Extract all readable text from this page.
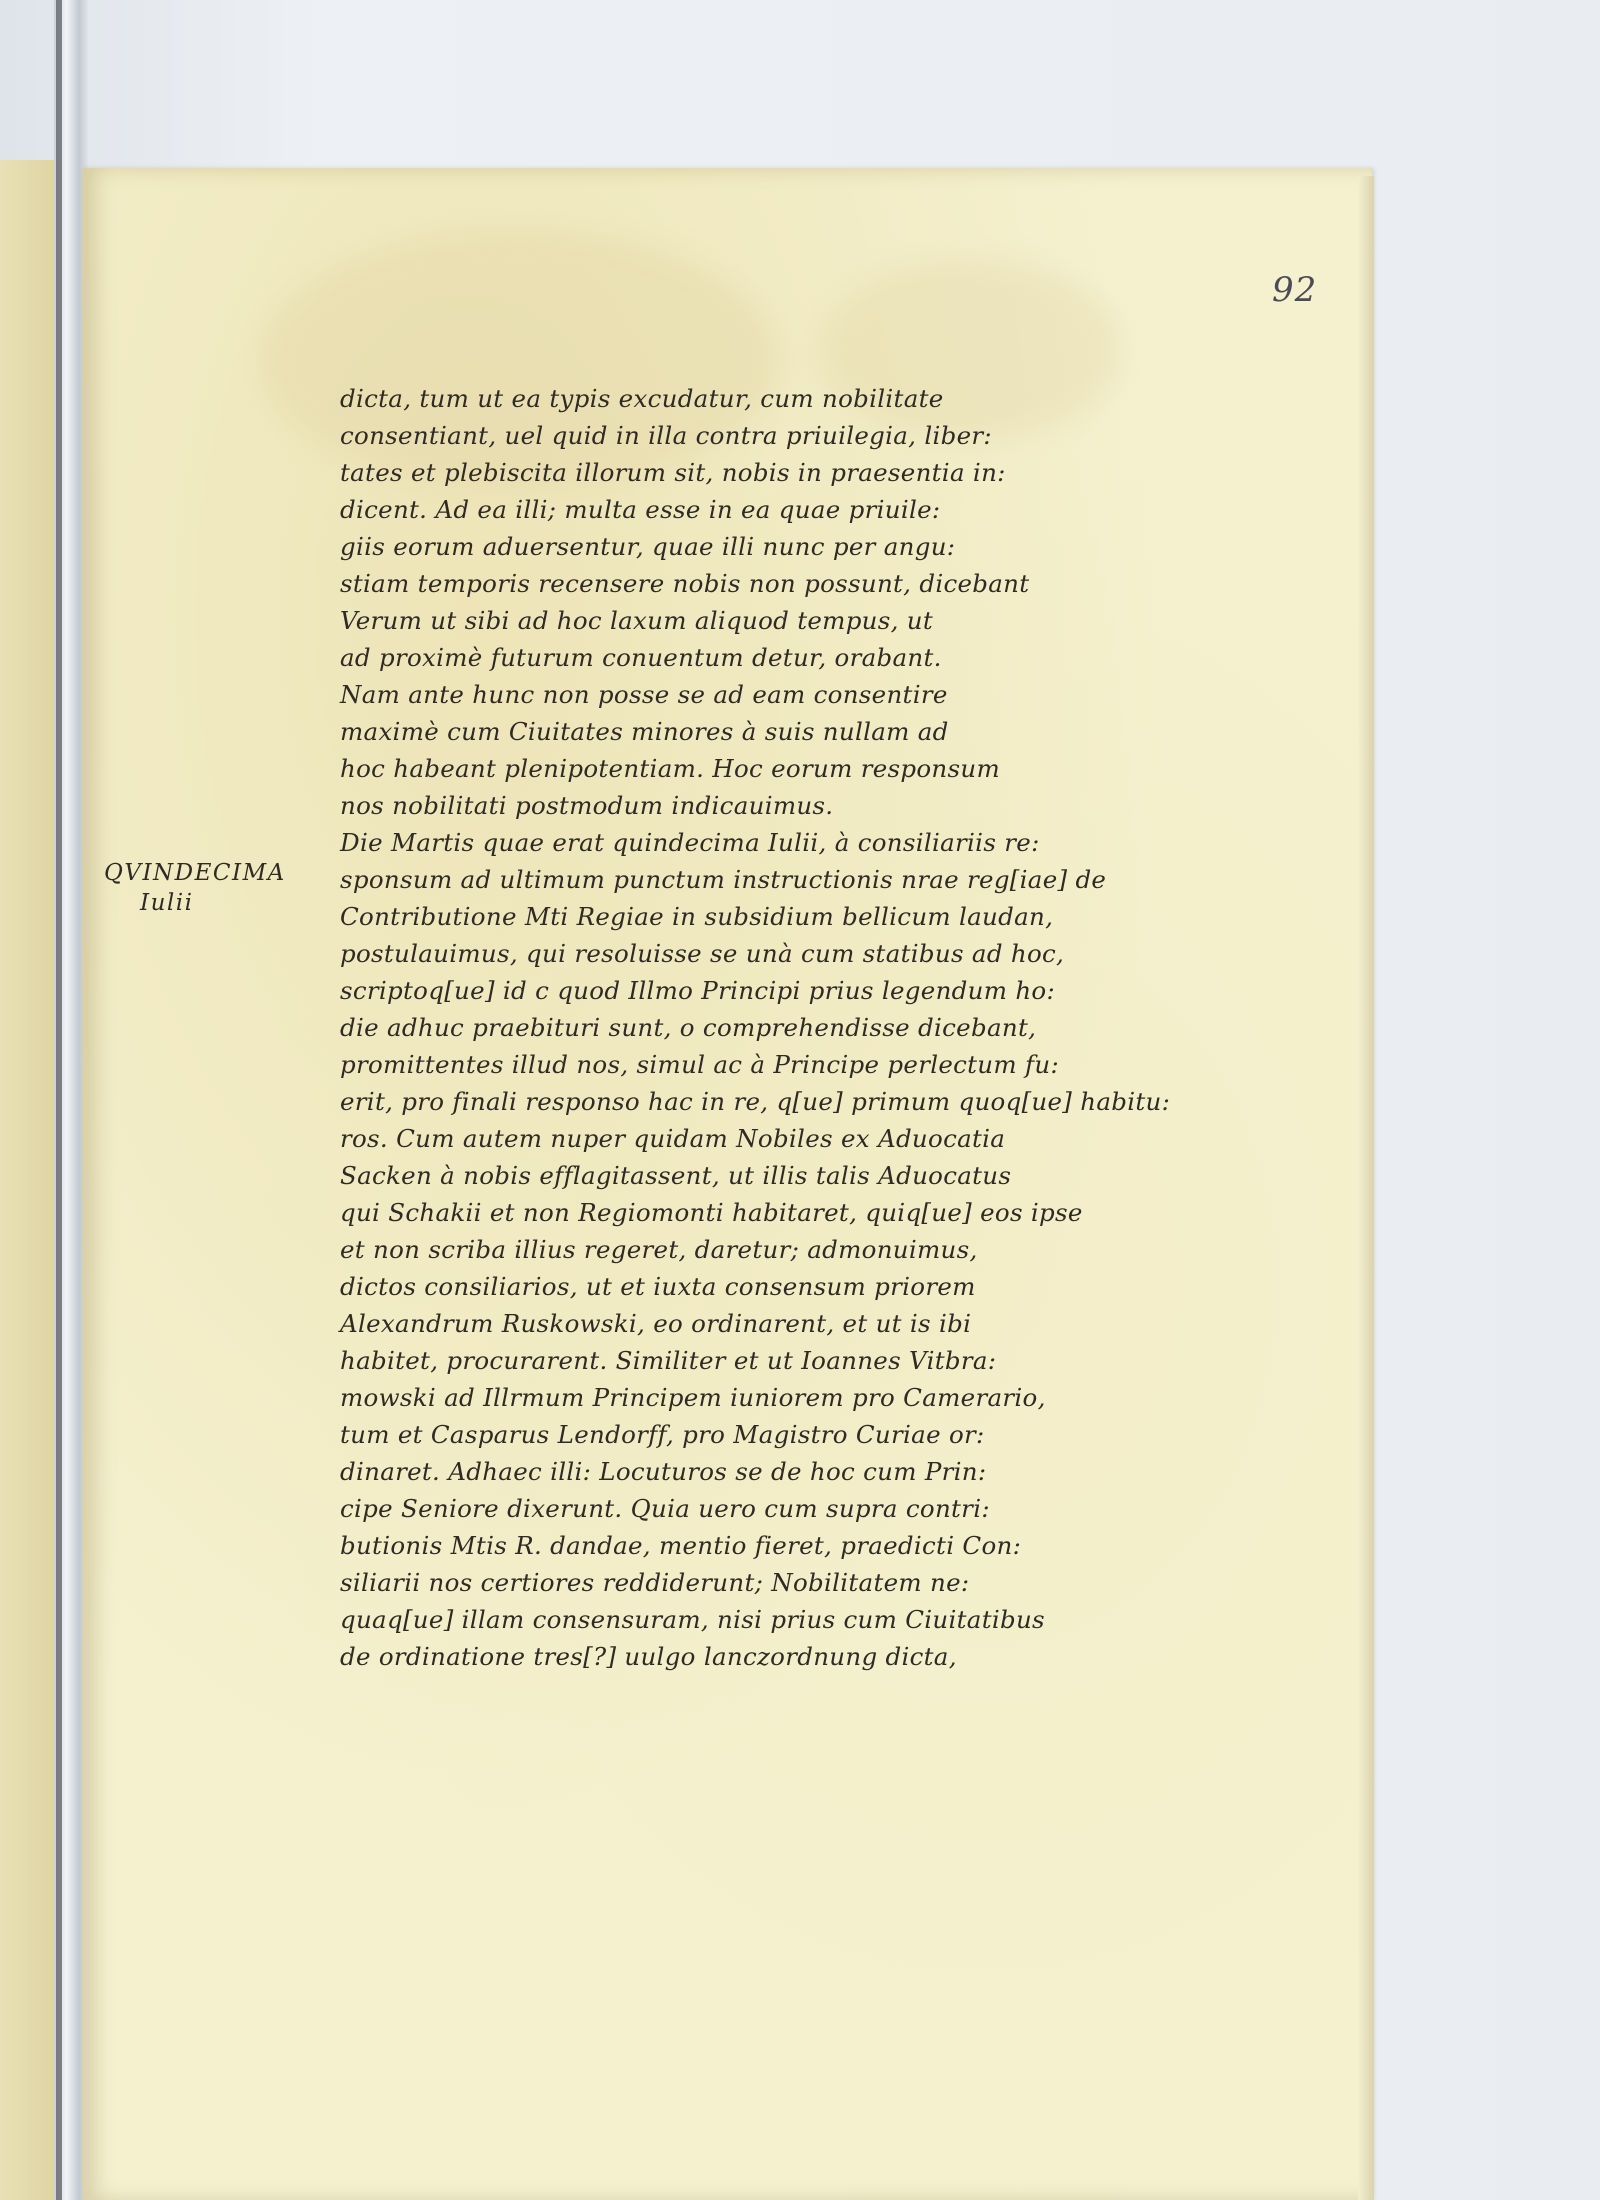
92
QVINDECIMA
Iulii
dicta, tum ut ea typis excudatur, cum nobilitate
consentiant, uel quid in illa contra priuilegia, liber:
tates et plebiscita illorum sit, nobis in praesentia in:
dicent. Ad ea illi; multa esse in ea quae priuile:
giis eorum aduersentur, quae illi nunc per angu:
stiam temporis recensere nobis non possunt, dicebant
Verum ut sibi ad hoc laxum aliquod tempus, ut
ad proximè futurum conuentum detur, orabant.
Nam ante hunc non posse se ad eam consentire
maximè cum Ciuitates minores à suis nullam ad
hoc habeant plenipotentiam. Hoc eorum responsum
nos nobilitati postmodum indicauimus.
Die Martis quae erat quindecima Iulii, à consiliariis re:
sponsum ad ultimum punctum instructionis nrae reg[iae] de
Contributione Mti Regiae in subsidium bellicum laudan,
postulauimus, qui resoluisse se unà cum statibus ad hoc,
scriptoq[ue] id c quod Illmo Principi prius legendum ho:
die adhuc praebituri sunt, o comprehendisse dicebant,
promittentes illud nos, simul ac à Principe perlectum fu:
erit, pro finali responso hac in re, q[ue] primum quoq[ue] habitu:
ros. Cum autem nuper quidam Nobiles ex Aduocatia
Sacken à nobis efflagitassent, ut illis talis Aduocatus
qui Schakii et non Regiomonti habitaret, quiq[ue] eos ipse
et non scriba illius regeret, daretur; admonuimus,
dictos consiliarios, ut et iuxta consensum priorem
Alexandrum Ruskowski, eo ordinarent, et ut is ibi
habitet, procurarent. Similiter et ut Ioannes Vitbra:
mowski ad Illrmum Principem iuniorem pro Camerario,
tum et Casparus Lendorff, pro Magistro Curiae or:
dinaret. Adhaec illi: Locuturos se de hoc cum Prin:
cipe Seniore dixerunt. Quia uero cum supra contri:
butionis Mtis R. dandae, mentio fieret, praedicti Con:
siliarii nos certiores reddiderunt; Nobilitatem ne:
quaq[ue] illam consensuram, nisi prius cum Ciuitatibus
de ordinatione tres[?] uulgo lanczordnung dicta,
